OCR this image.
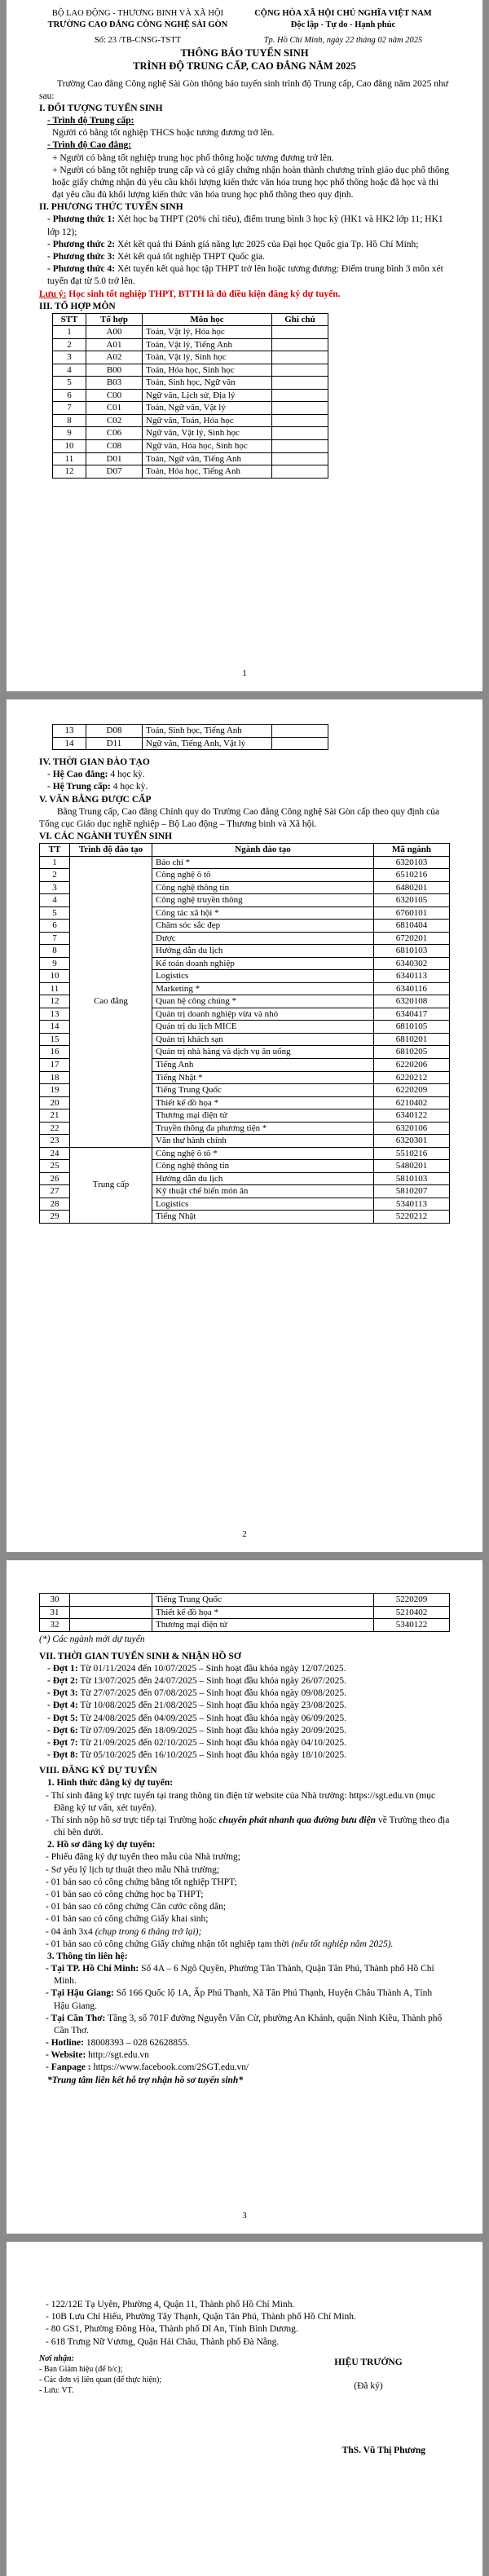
BỘ LAO ĐỘNG - THƯƠNG BINH VÀ XÃ HỘI

TRƯỜNG CAO ĐẲNG CÔNG NGHỆ SÀI GÒN

Số: 23 /TB-CNSG-TSTT

CỘNG HÒA XÃ HỘI CHỦ NGHĨA VIỆT NAM

Độc lập - Tự do - Hạnh phúc

Tp. Hồ Chí Minh, ngày 22 tháng 02 năm 2025

THÔNG BÁO TUYỂN SINH

TRÌNH ĐỘ TRUNG CẤP, CAO ĐẲNG NĂM 2025

Trường Cao đẳng Công nghệ Sài Gòn thông báo tuyển sinh trình độ Trung cấp, Cao đẳng năm 2025 như sau:

I. ĐỐI TƯỢNG TUYỂN SINH

- Trình độ Trung cấp:

Người có bằng tốt nghiệp THCS hoặc tương đương trở lên.

- Trình độ Cao đẳng:

+ Người có bằng tốt nghiệp trung học phổ thông hoặc tương đương trở lên.

+ Người có bằng tốt nghiệp trung cấp và có giấy chứng nhận hoàn thành chương trình giáo dục phổ thông hoặc giấy chứng nhận đủ yêu cầu khối lượng kiến thức văn hóa trung học phổ thông hoặc đã học và thi đạt yêu cầu đủ khối lượng kiến thức văn hóa trung học phổ thông theo quy định.

II. PHƯƠNG THỨC TUYỂN SINH

- Phương thức 1: Xét học bạ THPT (20% chỉ tiêu), điểm trung bình 3 học kỳ (HK1 và HK2 lớp 11; HK1 lớp 12);

- Phương thức 2: Xét kết quả thi Đánh giá năng lực 2025 của Đại học Quốc gia Tp. Hồ Chí Minh;

- Phương thức 3: Xét kết quả tốt nghiệp THPT Quốc gia.

- Phương thức 4: Xét tuyển kết quả học tập THPT trở lên hoặc tương đương: Điểm trung bình 3 môn xét tuyển đạt từ 5.0 trở lên.

Lưu ý: Học sinh tốt nghiệp THPT, BTTH là đủ điều kiện đăng ký dự tuyển.

III. TỔ HỢP MÔN

STT	Tổ hợp	Môn học	Ghi chú
1	A00	Toán, Vật lý, Hóa học	
2	A01	Toán, Vật lý, Tiếng Anh	
3	A02	Toán, Vật lý, Sinh học	
4	B00	Toán, Hóa học, Sinh học	
5	B03	Toán, Sinh học, Ngữ văn	
6	C00	Ngữ văn, Lịch sử, Địa lý	
7	C01	Toán, Ngữ văn, Vật lý	
8	C02	Ngữ văn, Toán, Hóa học	
9	C06	Ngữ văn, Vật lý, Sinh học	
10	C08	Ngữ văn, Hóa học, Sinh học	
11	D01	Toán, Ngữ văn, Tiếng Anh	
12	D07	Toán, Hóa học, Tiếng Anh	

1

13	D08	Toán, Sinh học, Tiếng Anh	
14	D11	Ngữ văn, Tiếng Anh, Vật lý	

IV. THỜI GIAN ĐÀO TẠO

- Hệ Cao đẳng: 4 học kỳ.

- Hệ Trung cấp: 4 học kỳ.

V. VĂN BẰNG ĐƯỢC CẤP

Bằng Trung cấp, Cao đẳng Chính quy do Trường Cao đẳng Công nghệ Sài Gòn cấp theo quy định của Tổng cục Giáo dục nghề nghiệp – Bộ Lao động – Thương binh và Xã hội.

VI. CÁC NGÀNH TUYỂN SINH

TT	Trình độ đào tạo	Ngành đào tạo	Mã ngành
1	Cao đẳng	Báo chí *	6320103
2		Công nghệ ô tô	6510216
3		Công nghệ thông tin	6480201
4		Công nghệ truyền thông	6320105
5		Công tác xã hội *	6760101
6		Chăm sóc sắc đẹp	6810404
7		Dược	6720201
8		Hướng dẫn du lịch	6810103
9		Kế toán doanh nghiệp	6340302
10		Logistics	6340113
11		Marketing *	6340116
12		Quan hệ công chúng *	6320108
13		Quản trị doanh nghiệp vừa và nhỏ	6340417
14		Quản trị du lịch MICE	6810105
15		Quản trị khách sạn	6810201
16		Quản trị nhà hàng và dịch vụ ăn uống	6810205
17		Tiếng Anh	6220206
18		Tiếng Nhật *	6220212
19		Tiếng Trung Quốc	6220209
20		Thiết kế đồ họa *	6210402
21		Thương mại điện tử	6340122
22		Truyền thông đa phương tiện *	6320106
23		Văn thư hành chính	6320301
24	Trung cấp	Công nghệ ô tô *	5510216
25		Công nghệ thông tin	5480201
26		Hướng dẫn du lịch	5810103
27		Kỹ thuật chế biến món ăn	5810207
28		Logistics	5340113
29		Tiếng Nhật	5220212

2

30		Tiếng Trung Quốc	5220209
31		Thiết kế đồ họa *	5210402
32		Thương mại điện tử	5340122

(*) Các ngành mới dự tuyển

VII. THỜI GIAN TUYỂN SINH & NHẬN HỒ SƠ

- Đợt 1: Từ 01/11/2024 đến 10/07/2025 – Sinh hoạt đầu khóa ngày 12/07/2025.

- Đợt 2: Từ 13/07/2025 đến 24/07/2025 – Sinh hoạt đầu khóa ngày 26/07/2025.

- Đợt 3: Từ 27/07/2025 đến 07/08/2025 – Sinh hoạt đầu khóa ngày 09/08/2025.

- Đợt 4: Từ 10/08/2025 đến 21/08/2025 – Sinh hoạt đầu khóa ngày 23/08/2025.

- Đợt 5: Từ 24/08/2025 đến 04/09/2025 – Sinh hoạt đầu khóa ngày 06/09/2025.

- Đợt 6: Từ 07/09/2025 đến 18/09/2025 – Sinh hoạt đầu khóa ngày 20/09/2025.

- Đợt 7: Từ 21/09/2025 đến 02/10/2025 – Sinh hoạt đầu khóa ngày 04/10/2025.

- Đợt 8: Từ 05/10/2025 đến 16/10/2025 – Sinh hoạt đầu khóa ngày 18/10/2025.

VIII. ĐĂNG KÝ DỰ TUYỂN

1. Hình thức đăng ký dự tuyển:

- Thí sinh đăng ký trực tuyến tại trang thông tin điện tử website của Nhà trường: https://sgt.edu.vn (mục Đăng ký tư vấn, xét tuyển).

- Thí sinh nộp hồ sơ trực tiếp tại Trường hoặc chuyển phát nhanh qua đường bưu điện về Trường theo địa chỉ bên dưới.

2. Hồ sơ đăng ký dự tuyển:

- Phiếu đăng ký dự tuyển theo mẫu của Nhà trường;

- Sơ yếu lý lịch tự thuật theo mẫu Nhà trường;

- 01 bản sao có công chứng bằng tốt nghiệp THPT;

- 01 bản sao có công chứng học bạ THPT;

- 01 bản sao có công chứng Căn cước công dân;

- 01 bản sao có công chứng Giấy khai sinh;

- 04 ảnh 3x4 (chụp trong 6 tháng trở lại);

- 01 bản sao có công chứng Giấy chứng nhận tốt nghiệp tạm thời (nếu tốt nghiệp năm 2025).

3. Thông tin liên hệ:

- Tại TP. Hồ Chí Minh: Số 4A – 6 Ngô Quyền, Phường Tân Thành, Quận Tân Phú, Thành phố Hồ Chí Minh.

- Tại Hậu Giang: Số 166 Quốc lộ 1A, Ấp Phú Thạnh, Xã Tân Phú Thạnh, Huyện Châu Thành A, Tỉnh Hậu Giang.

- Tại Cần Thơ: Tầng 3, số 701F đường Nguyễn Văn Cừ, phường An Khánh, quận Ninh Kiều, Thành phố Cần Thơ.

- Hotline: 18008393 – 028 62628855.

- Website: http://sgt.edu.vn

- Fanpage : https://www.facebook.com/2SGT.edu.vn/

*Trung tâm liên kết hỗ trợ nhận hồ sơ tuyển sinh*

3

- 122/12E Tạ Uyên, Phường 4, Quận 11, Thành phố Hồ Chí Minh.

- 10B Lưu Chí Hiếu, Phường Tây Thạnh, Quận Tân Phú, Thành phố Hồ Chí Minh.

- 80 GS1, Phường Đông Hòa, Thành phố Dĩ An, Tỉnh Bình Dương.

- 618 Trưng Nữ Vương, Quận Hải Châu, Thành phố Đà Nẵng.

Nơi nhận:

- Ban Giám hiệu (để b/c);

- Các đơn vị liên quan (để thực hiện);

- Lưu: VT.

HIỆU TRƯỞNG

(Đã ký)

ThS. Vũ Thị Phương
